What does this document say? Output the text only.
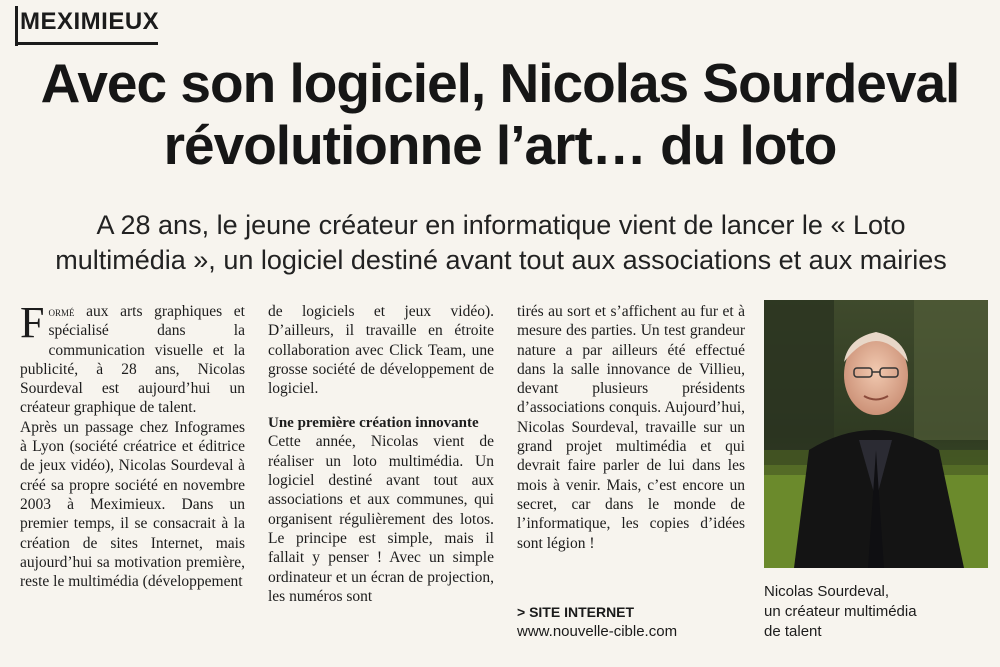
MEXIMIEUX
Avec son logiciel, Nicolas Sourdeval
révolutionne l’art… du loto
A 28 ans, le jeune créateur en informatique vient de lancer le « Loto
multimédia », un logiciel destiné avant tout aux associations et aux mairies

Formé aux arts graphiques et spécialisé dans la communication visuelle et la publicité, à 28 ans, Nicolas Sourdeval est aujourd’hui un créateur graphique de talent.

Après un passage chez Infogrames à Lyon (société créatrice et éditrice de jeux vidéo), Nicolas Sourdeval à créé sa propre société en novembre 2003 à Meximieux. Dans un premier temps, il se consacrait à la création de sites Internet, mais aujourd’hui sa motivation première, reste le multimédia (développement

de logiciels et jeux vidéo). D’ailleurs, il travaille en étroite collaboration avec Click Team, une grosse société de développement de logiciel.

Une première création innovante

Cette année, Nicolas vient de réaliser un loto multimédia. Un logiciel destiné avant tout aux associations et aux communes, qui organisent régulièrement des lotos. Le principe est simple, mais il fallait y penser ! Avec un simple ordinateur et un écran de projection, les numéros sont

tirés au sort et s’affichent au fur et à mesure des parties. Un test grandeur nature a par ailleurs été effectué dans la salle innovance de Villieu, devant plusieurs présidents d’associations conquis. Aujourd’hui, Nicolas Sourdeval, travaille sur un grand projet multimédia et qui devrait faire parler de lui dans les mois à venir. Mais, c’est encore un secret, car dans le monde de l’informatique, les copies d’idées sont légion !

> SITE INTERNET
www.nouvelle-cible.com
Nicolas Sourdeval,
un créateur multimédia
de talent
